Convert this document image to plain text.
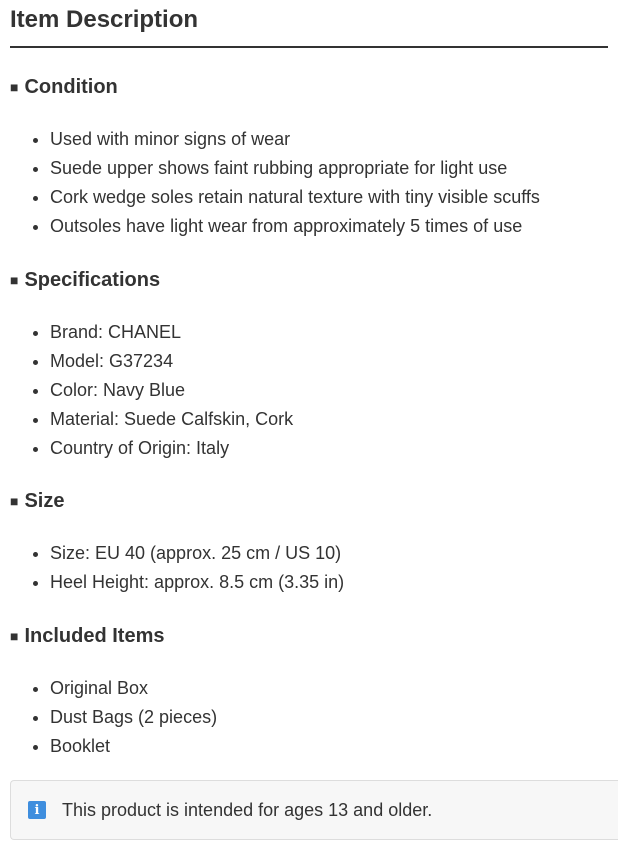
Item Description
■ Condition
• Used with minor signs of wear
• Suede upper shows faint rubbing appropriate for light use
• Cork wedge soles retain natural texture with tiny visible scuffs
• Outsoles have light wear from approximately 5 times of use
■ Specifications
• Brand: CHANEL
• Model: G37234
• Color: Navy Blue
• Material: Suede Calfskin, Cork
• Country of Origin: Italy
■ Size
• Size: EU 40 (approx. 25 cm / US 10)
• Heel Height: approx. 8.5 cm (3.35 in)
■ Included Items
• Original Box
• Dust Bags (2 pieces)
• Booklet
i	This product is intended for ages 13 and older.
